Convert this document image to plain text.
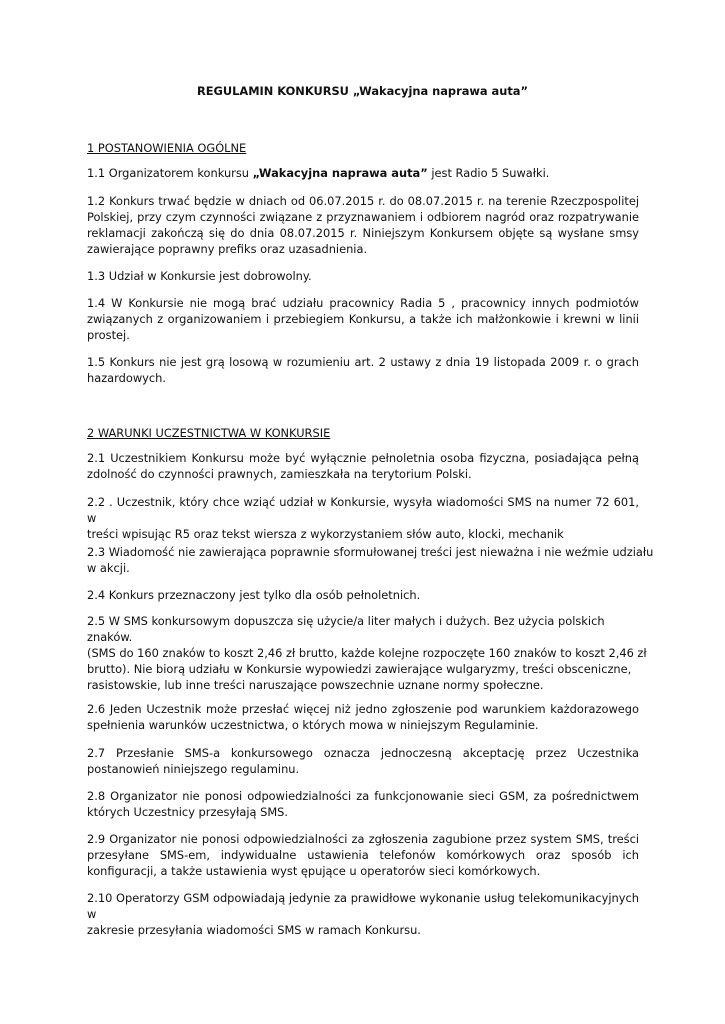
REGULAMIN KONKURSU „Wakacyjna naprawa auta”
1 POSTANOWIENIA OGÓLNE
1.1 Organizatorem konkursu „Wakacyjna naprawa auta” jest Radio 5 Suwałki.
1.2 Konkurs trwać będzie w dniach od 06.07.2015 r. do 08.07.2015 r. na terenie Rzeczpospolitej
Polskiej, przy czym czynności związane z przyznawaniem i odbiorem nagród oraz rozpatrywanie
reklamacji zakończą się do dnia 08.07.2015 r. Niniejszym Konkursem objęte są wysłane smsy
zawierające poprawny prefiks oraz uzasadnienia.
1.3 Udział w Konkursie jest dobrowolny.
1.4 W Konkursie nie mogą brać udziału pracownicy Radia 5 , pracownicy innych podmiotów
związanych z organizowaniem i przebiegiem Konkursu, a także ich małżonkowie i krewni w linii
prostej.
1.5 Konkurs nie jest grą losową w rozumieniu art. 2 ustawy z dnia 19 listopada 2009 r. o grach
hazardowych.
2 WARUNKI UCZESTNICTWA W KONKURSIE
2.1 Uczestnikiem Konkursu może być wyłącznie pełnoletnia osoba fizyczna, posiadająca pełną
zdolność do czynności prawnych, zamieszkała na terytorium Polski.
2.2 . Uczestnik, który chce wziąć udział w Konkursie, wysyła wiadomości SMS na numer 72 601, w
treści wpisując R5 oraz tekst wiersza z wykorzystaniem słów auto, klocki, mechanik
2.3 Wiadomość nie zawierająca poprawnie sformułowanej treści jest nieważna i nie weźmie udziału
w akcji.
2.4 Konkurs przeznaczony jest tylko dla osób pełnoletnich.
2.5 W SMS konkursowym dopuszcza się użycie/a liter małych i dużych. Bez użycia polskich
znaków.
(SMS do 160 znaków to koszt 2,46 zł brutto, każde kolejne rozpoczęte 160 znaków to koszt 2,46 zł
brutto). Nie biorą udziału w Konkursie wypowiedzi zawierające wulgaryzmy, treści obsceniczne,
rasistowskie, lub inne treści naruszające powszechnie uznane normy społeczne.
2.6 Jeden Uczestnik może przesłać więcej niż jedno zgłoszenie pod warunkiem każdorazowego
spełnienia warunków uczestnictwa, o których mowa w niniejszym Regulaminie.
2.7 Przesłanie SMS-a konkursowego oznacza jednoczesną akceptację przez Uczestnika
postanowień niniejszego regulaminu.
2.8 Organizator nie ponosi odpowiedzialności za funkcjonowanie sieci GSM, za pośrednictwem
których Uczestnicy przesyłają SMS.
2.9 Organizator nie ponosi odpowiedzialności za zgłoszenia zagubione przez system SMS, treści
przesyłane SMS-em, indywidualne ustawienia telefonów komórkowych oraz sposób ich
konfiguracji, a także ustawienia wyst ępujące u operatorów sieci komórkowych.
2.10 Operatorzy GSM odpowiadają jedynie za prawidłowe wykonanie usług telekomunikacyjnych w
zakresie przesyłania wiadomości SMS w ramach Konkursu.
